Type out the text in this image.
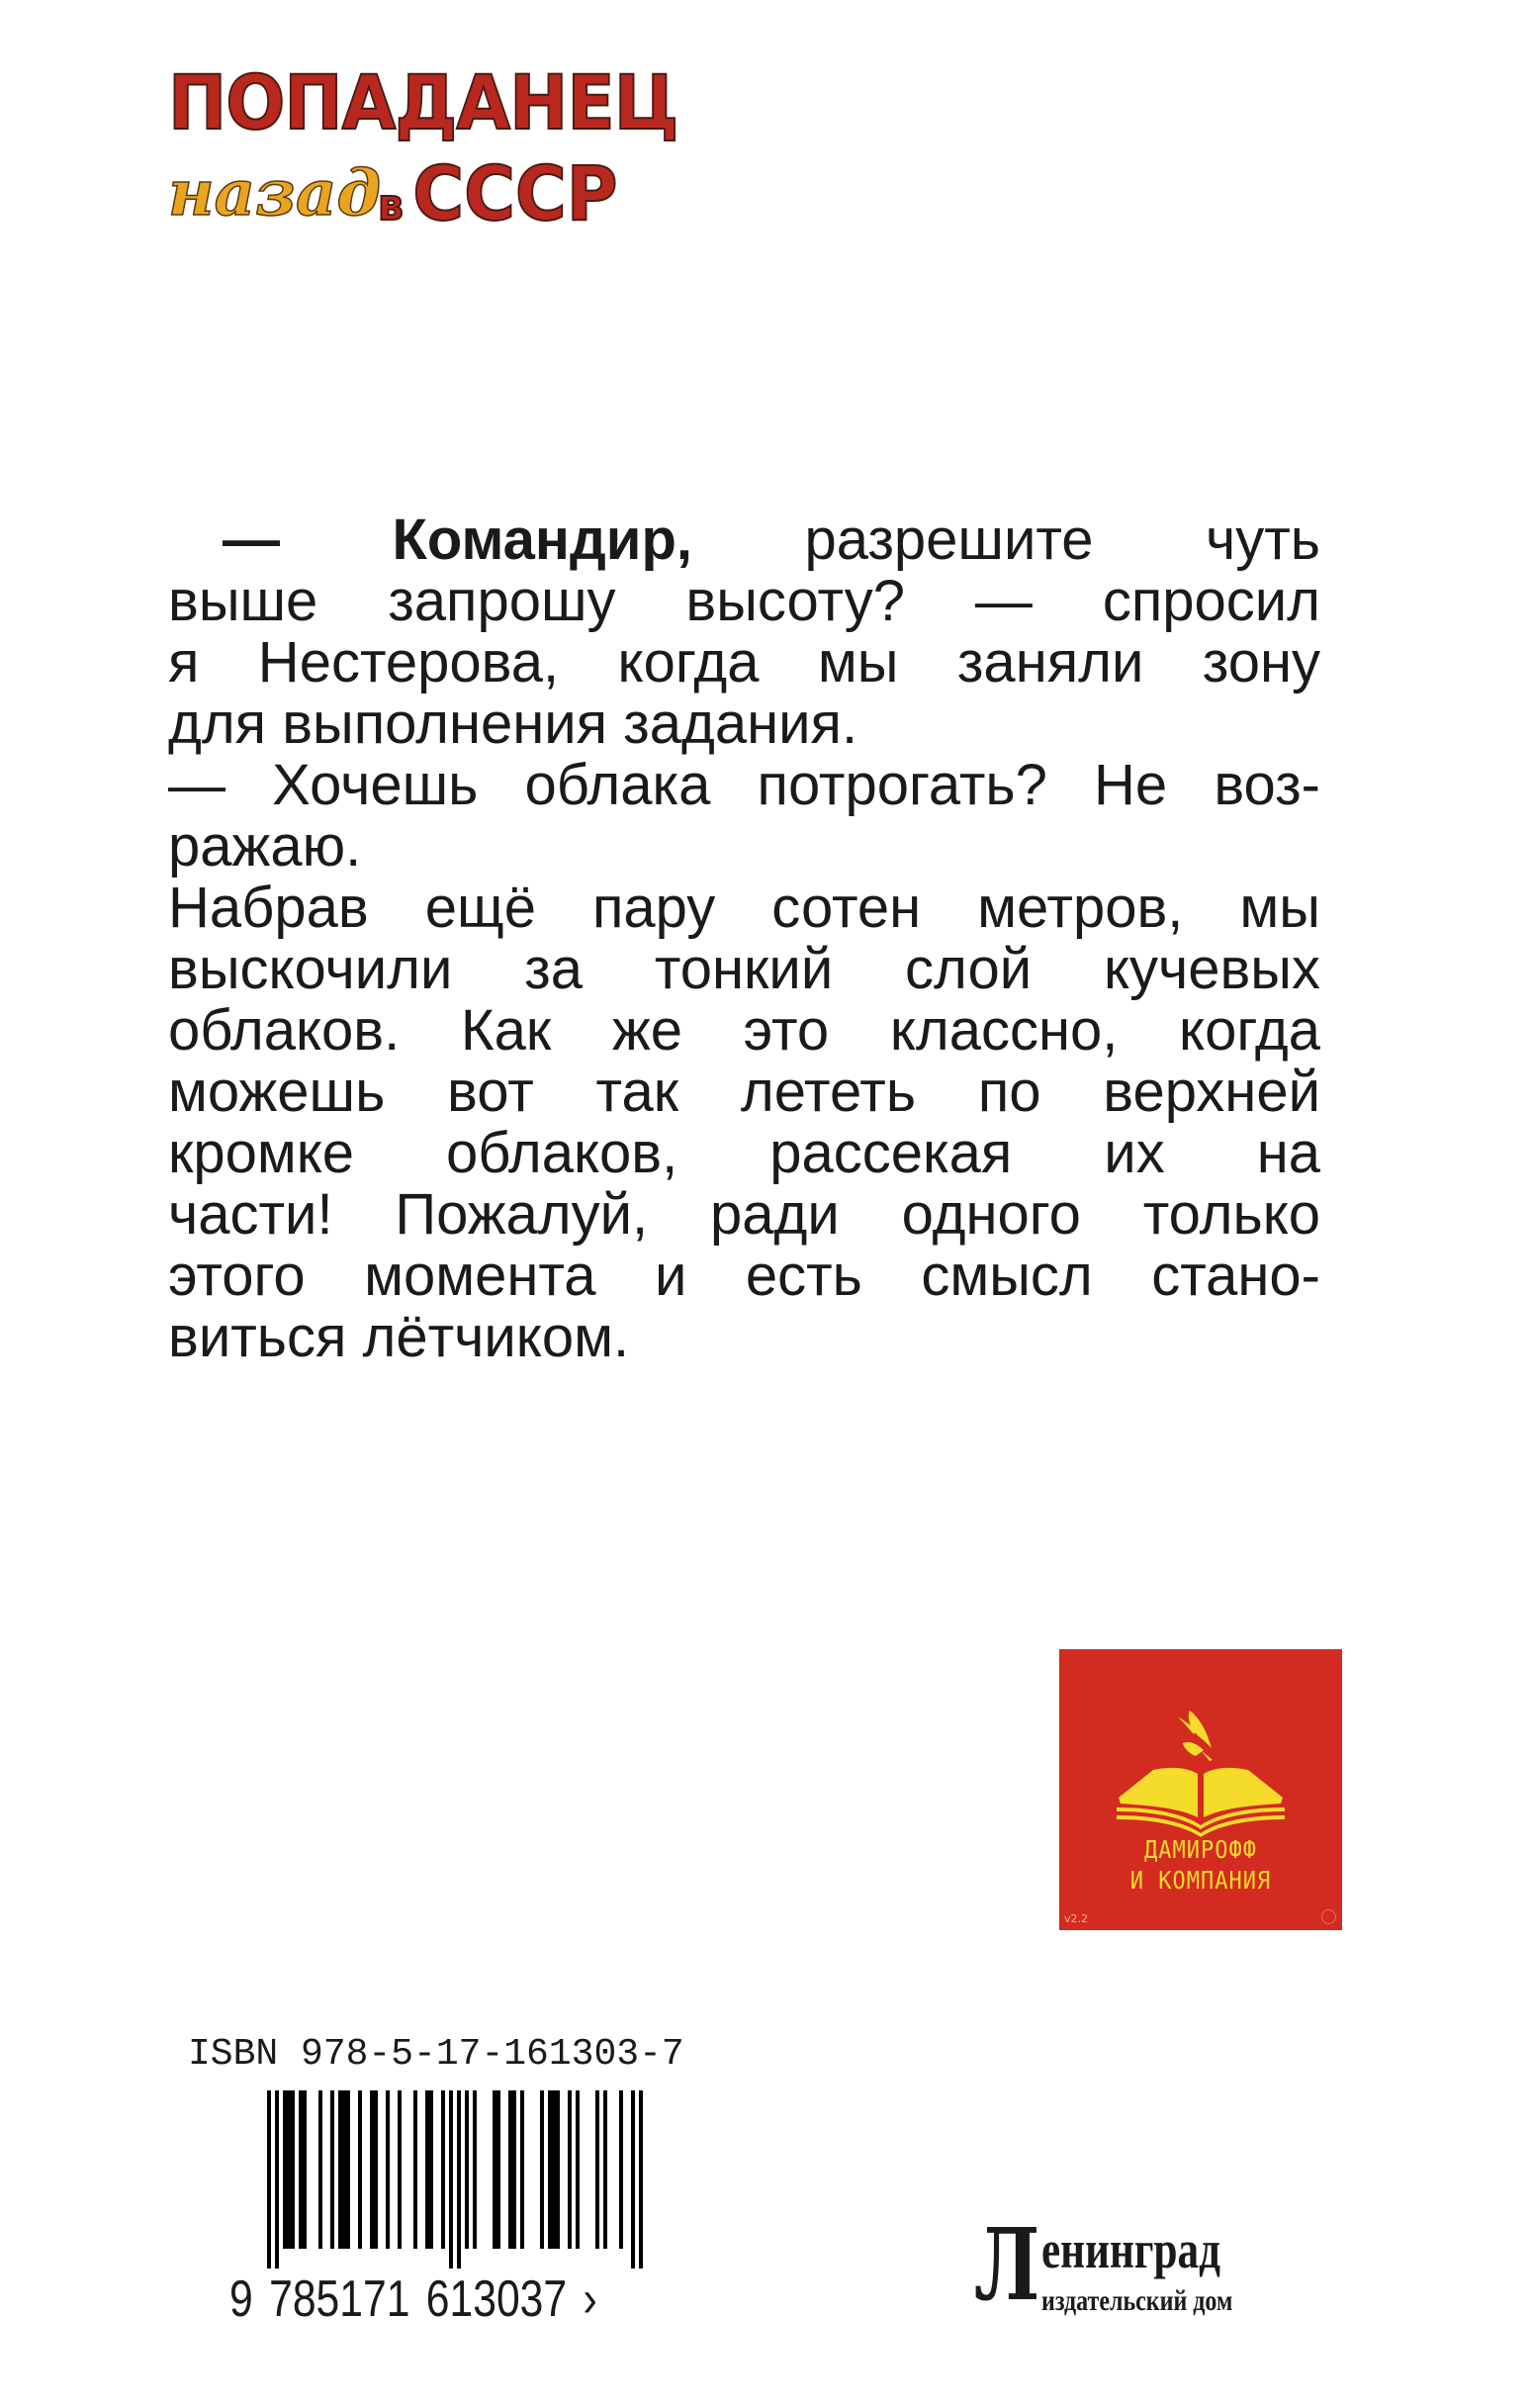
ПОПАДАНЕЦ
назад
в СССР
— Командир, разрешите чуть
выше запрошу высоту? — спросил
я Нестерова, когда мы заняли зону
для выполнения задания.
— Хочешь облака потрогать? Не воз-
ражаю.
Набрав ещё пару сотен метров, мы
выскочили за тонкий слой кучевых
облаков. Как же это классно, когда
можешь вот так лететь по верхней
кромке облаков, рассекая их на
части! Пожалуй, ради одного только
этого момента и есть смысл стано-
виться лётчиком.
ДАМИРОФФ
И КОМПАНИЯ
v2.2
ISBN 978-5-17-161303-7
9 785171 613037 ›	Л енинград
издательский дом
